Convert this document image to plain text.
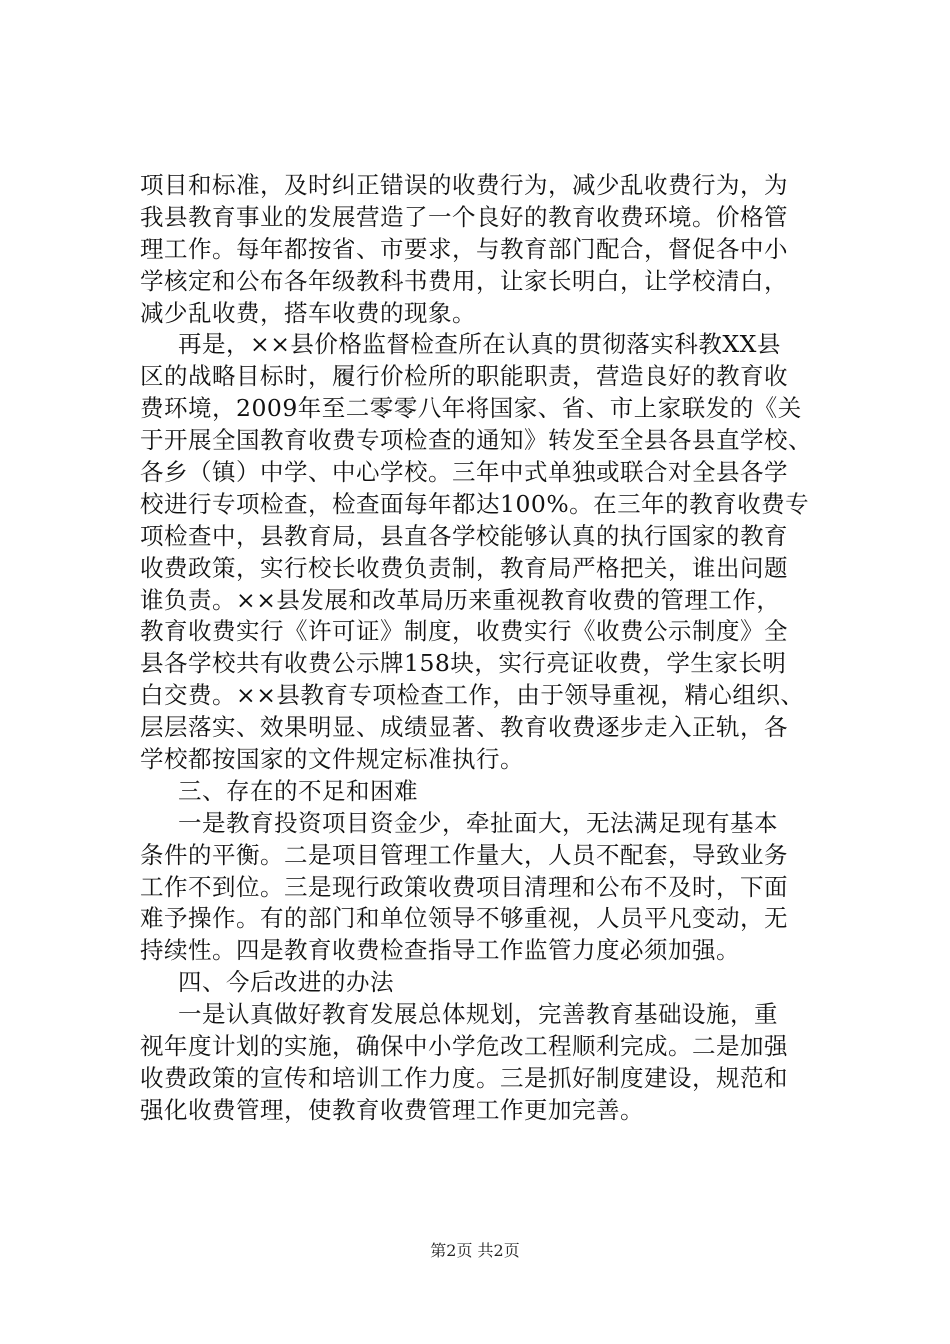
项目和标准，及时纠正错误的收费行为，减少乱收费行为，为
我县教育事业的发展营造了一个良好的教育收费环境。价格管
理工作。每年都按省、市要求，与教育部门配合，督促各中小
学核定和公布各年级教科书费用，让家长明白，让学校清白，
减少乱收费，搭车收费的现象。
再是，××县价格监督检查所在认真的贯彻落实科教XX县
区的战略目标时，履行价检所的职能职责，营造良好的教育收
费环境，2009年至二零零八年将国家、省、市上家联发的《关
于开展全国教育收费专项检查的通知》转发至全县各县直学校、
各乡（镇）中学、中心学校。三年中式单独或联合对全县各学
校进行专项检查，检查面每年都达100%。在三年的教育收费专
项检查中，县教育局，县直各学校能够认真的执行国家的教育
收费政策，实行校长收费负责制，教育局严格把关，谁出问题
谁负责。××县发展和改革局历来重视教育收费的管理工作，
教育收费实行《许可证》制度，收费实行《收费公示制度》全
县各学校共有收费公示牌158块，实行亮证收费，学生家长明
白交费。××县教育专项检查工作，由于领导重视，精心组织、
层层落实、效果明显、成绩显著、教育收费逐步走入正轨，各
学校都按国家的文件规定标准执行。
三、存在的不足和困难
一是教育投资项目资金少，牵扯面大，无法满足现有基本
条件的平衡。二是项目管理工作量大，人员不配套，导致业务
工作不到位。三是现行政策收费项目清理和公布不及时，下面
难予操作。有的部门和单位领导不够重视，人员平凡变动，无
持续性。四是教育收费检查指导工作监管力度必须加强。
四、今后改进的办法
一是认真做好教育发展总体规划，完善教育基础设施，重
视年度计划的实施，确保中小学危改工程顺利完成。二是加强
收费政策的宣传和培训工作力度。三是抓好制度建设，规范和
强化收费管理，使教育收费管理工作更加完善。
第2页 共2页
